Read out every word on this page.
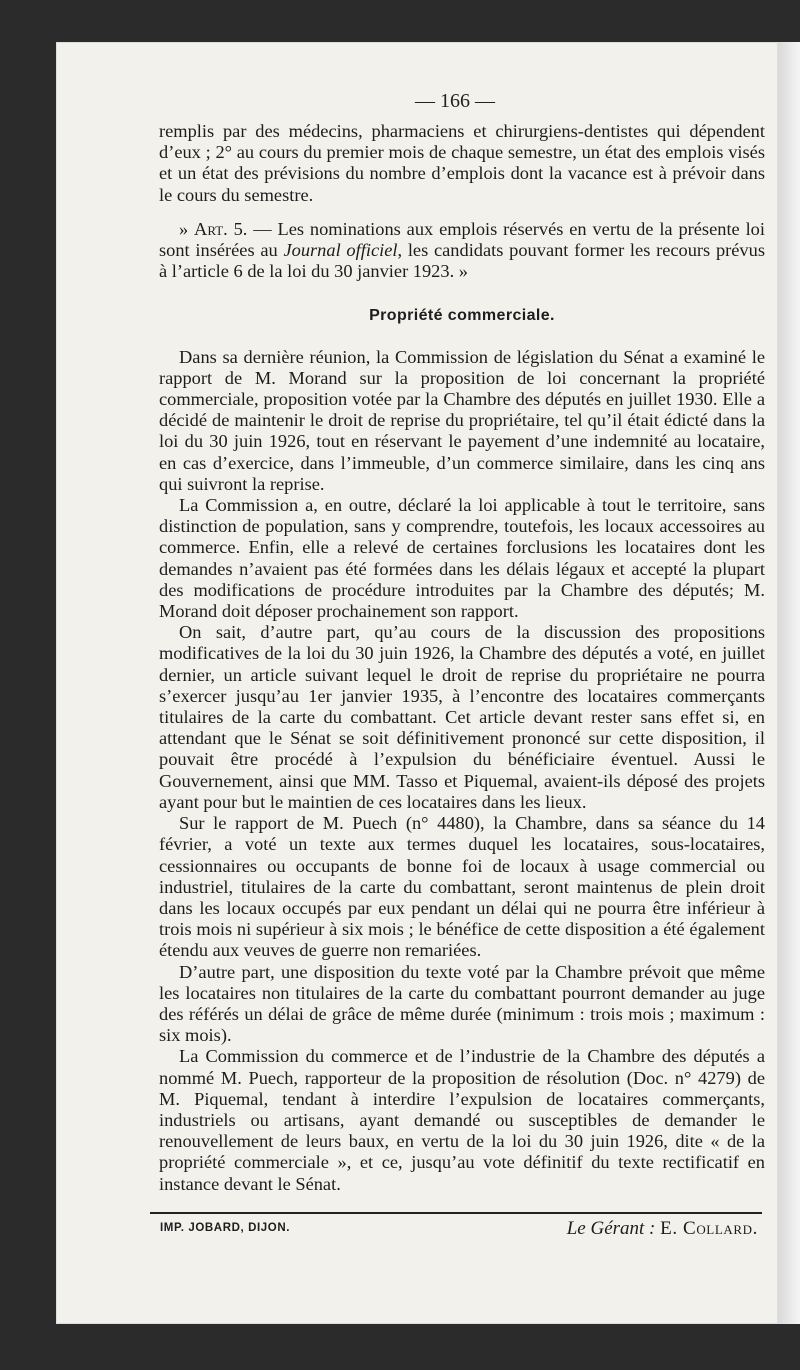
— 166 —

remplis par des médecins, pharmaciens et chirurgiens-dentistes qui dépendent d’eux ; 2° au cours du premier mois de chaque semestre, un état des emplois visés et un état des prévisions du nombre d’emplois dont la vacance est à prévoir dans le cours du semestre.

» Art. 5. — Les nominations aux emplois réservés en vertu de la présente loi sont insérées au Journal officiel, les candidats pouvant former les recours prévus à l’article 6 de la loi du 30 janvier 1923. »

Propriété commerciale.

Dans sa dernière réunion, la Commission de législation du Sénat a examiné le rapport de M. Morand sur la proposition de loi concernant la propriété commerciale, proposition votée par la Chambre des députés en juillet 1930. Elle a décidé de maintenir le droit de reprise du propriétaire, tel qu’il était édicté dans la loi du 30 juin 1926, tout en réservant le payement d’une indemnité au locataire, en cas d’exercice, dans l’immeuble, d’un commerce similaire, dans les cinq ans qui suivront la reprise.

La Commission a, en outre, déclaré la loi applicable à tout le territoire, sans distinction de population, sans y comprendre, toutefois, les locaux accessoires au commerce. Enfin, elle a relevé de certaines forclusions les locataires dont les demandes n’avaient pas été formées dans les délais légaux et accepté la plupart des modifications de procédure introduites par la Chambre des députés; M. Morand doit déposer prochainement son rapport.

On sait, d’autre part, qu’au cours de la discussion des propositions modificatives de la loi du 30 juin 1926, la Chambre des députés a voté, en juillet dernier, un article suivant lequel le droit de reprise du propriétaire ne pourra s’exercer jusqu’au 1er janvier 1935, à l’encontre des locataires commerçants titulaires de la carte du combattant. Cet article devant rester sans effet si, en attendant que le Sénat se soit définitivement prononcé sur cette disposition, il pouvait être procédé à l’expulsion du bénéficiaire éventuel. Aussi le Gouvernement, ainsi que MM. Tasso et Piquemal, avaient-ils déposé des projets ayant pour but le maintien de ces locataires dans les lieux.

Sur le rapport de M. Puech (n° 4480), la Chambre, dans sa séance du 14 février, a voté un texte aux termes duquel les locataires, sous-locataires, cessionnaires ou occupants de bonne foi de locaux à usage commercial ou industriel, titulaires de la carte du combattant, seront maintenus de plein droit dans les locaux occupés par eux pendant un délai qui ne pourra être inférieur à trois mois ni supérieur à six mois ; le bénéfice de cette disposition a été également étendu aux veuves de guerre non remariées.

D’autre part, une disposition du texte voté par la Chambre prévoit que même les locataires non titulaires de la carte du combattant pourront demander au juge des référés un délai de grâce de même durée (minimum : trois mois ; maximum : six mois).

La Commission du commerce et de l’industrie de la Chambre des députés a nommé M. Puech, rapporteur de la proposition de résolution (Doc. n° 4279) de M. Piquemal, tendant à interdire l’expulsion de locataires commerçants, industriels ou artisans, ayant demandé ou susceptibles de demander le renouvellement de leurs baux, en vertu de la loi du 30 juin 1926, dite « de la propriété commerciale », et ce, jusqu’au vote définitif du texte rectificatif en instance devant le Sénat.

IMP. JOBARD, DIJON.	Le Gérant : E. Collard.
